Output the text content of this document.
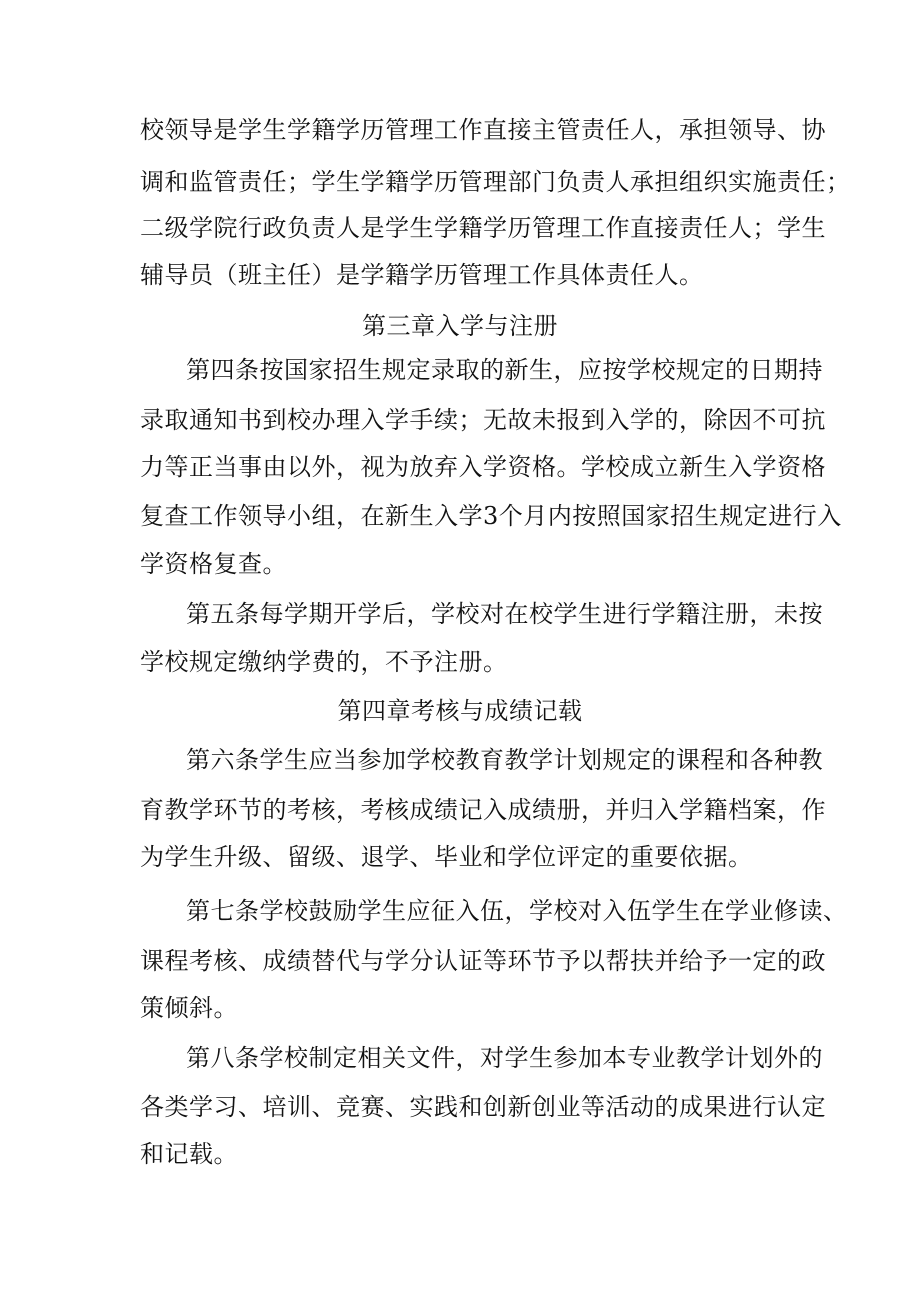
校领导是学生学籍学历管理工作直接主管责任人，承担领导、协
调和监管责任；学生学籍学历管理部门负责人承担组织实施责任；
二级学院行政负责人是学生学籍学历管理工作直接责任人；学生
辅导员（班主任）是学籍学历管理工作具体责任人。
第三章入学与注册
第四条按国家招生规定录取的新生，应按学校规定的日期持
录取通知书到校办理入学手续；无故未报到入学的，除因不可抗
力等正当事由以外，视为放弃入学资格。学校成立新生入学资格
复查工作领导小组，在新生入学3个月内按照国家招生规定进行入
学资格复查。
第五条每学期开学后，学校对在校学生进行学籍注册，未按
学校规定缴纳学费的，不予注册。
第四章考核与成绩记载
第六条学生应当参加学校教育教学计划规定的课程和各种教
育教学环节的考核，考核成绩记入成绩册，并归入学籍档案，作
为学生升级、留级、退学、毕业和学位评定的重要依据。
第七条学校鼓励学生应征入伍，学校对入伍学生在学业修读、
课程考核、成绩替代与学分认证等环节予以帮扶并给予一定的政
策倾斜。
第八条学校制定相关文件，对学生参加本专业教学计划外的
各类学习、培训、竞赛、实践和创新创业等活动的成果进行认定
和记载。
